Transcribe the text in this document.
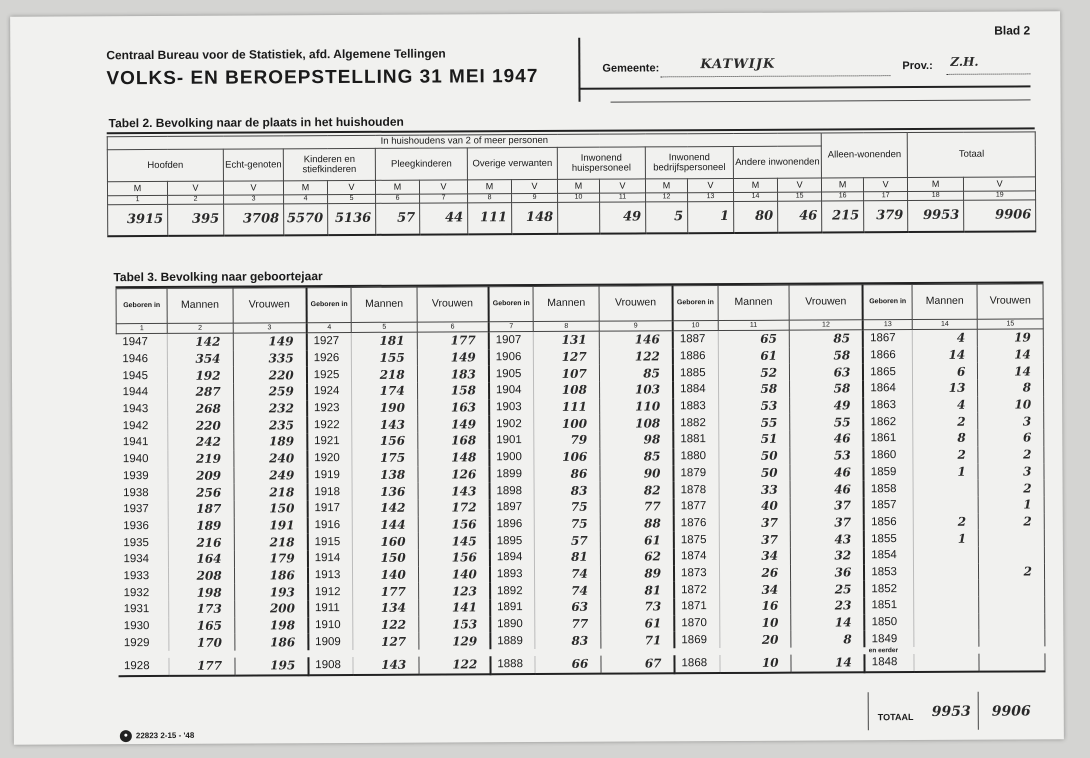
Blad 2
Centraal Bureau voor de Statistiek, afd. Algemene Tellingen
VOLKS- EN BEROEPSTELLING 31 MEI 1947	Gemeente:	KATWIJK	Prov.: Z.H.
Tabel 2. Bevolking naar de plaats in het huishouden
In huishoudens van 2 of meer personen															Alleen-wonenden		Totaal	
Hoofden		Echt-genoten	Kinderen en stiefkinderen		Pleegkinderen		Overige verwanten		Inwonend huispersoneel		Inwonend bedrijfspersoneel		Andere inwonenden					
M	V	V	M	V	M	V	M	V	M	V	M	V	M	V	M	V	M	V
1	2	3	4	5	6	7	8	9	10	11	12	13	14	15	16	17	18	19
3915	395	3708	5570	5136	57	44	111	148		49	5	1	80	46	215	379	9953	9906
Tabel 3. Bevolking naar geboortejaar
Geboren in	Mannen	Vrouwen	Geboren in	Mannen	Vrouwen	Geboren in	Mannen	Vrouwen	Geboren in	Mannen	Vrouwen	Geboren in	Mannen	Vrouwen
1	2	3	4	5	6	7	8	9	10	11	12	13	14	15
1947	142	149	1927	181	177	1907	131	146	1887	65	85	1867	4	19
1946	354	335	1926	155	149	1906	127	122	1886	61	58	1866	14	14
1945	192	220	1925	218	183	1905	107	85	1885	52	63	1865	6	14
1944	287	259	1924	174	158	1904	108	103	1884	58	58	1864	13	8
1943	268	232	1923	190	163	1903	111	110	1883	53	49	1863	4	10
1942	220	235	1922	143	149	1902	100	108	1882	55	55	1862	2	3
1941	242	189	1921	156	168	1901	79	98	1881	51	46	1861	8	6
1940	219	240	1920	175	148	1900	106	85	1880	50	53	1860	2	2
1939	209	249	1919	138	126	1899	86	90	1879	50	46	1859	1	3
1938	256	218	1918	136	143	1898	83	82	1878	33	46	1858		2
1937	187	150	1917	142	172	1897	75	77	1877	40	37	1857		1
1936	189	191	1916	144	156	1896	75	88	1876	37	37	1856	2	2
1935	216	218	1915	160	145	1895	57	61	1875	37	43	1855	1	
1934	164	179	1914	150	156	1894	81	62	1874	34	32	1854		
1933	208	186	1913	140	140	1893	74	89	1873	26	36	1853		2
1932	198	193	1912	177	123	1892	74	81	1872	34	25	1852		
1931	173	200	1911	134	141	1891	63	73	1871	16	23	1851		
1930	165	198	1910	122	153	1890	77	61	1870	10	14	1850		
1929	170	186	1909	127	129	1889	83	71	1869	20	8	1849		
												en eerder		
1928	177	195	1908	143	122	1888	66	67	1868	10	14	1848		
TOTAAL 9953 9906
● 22823 2-15 - '48
